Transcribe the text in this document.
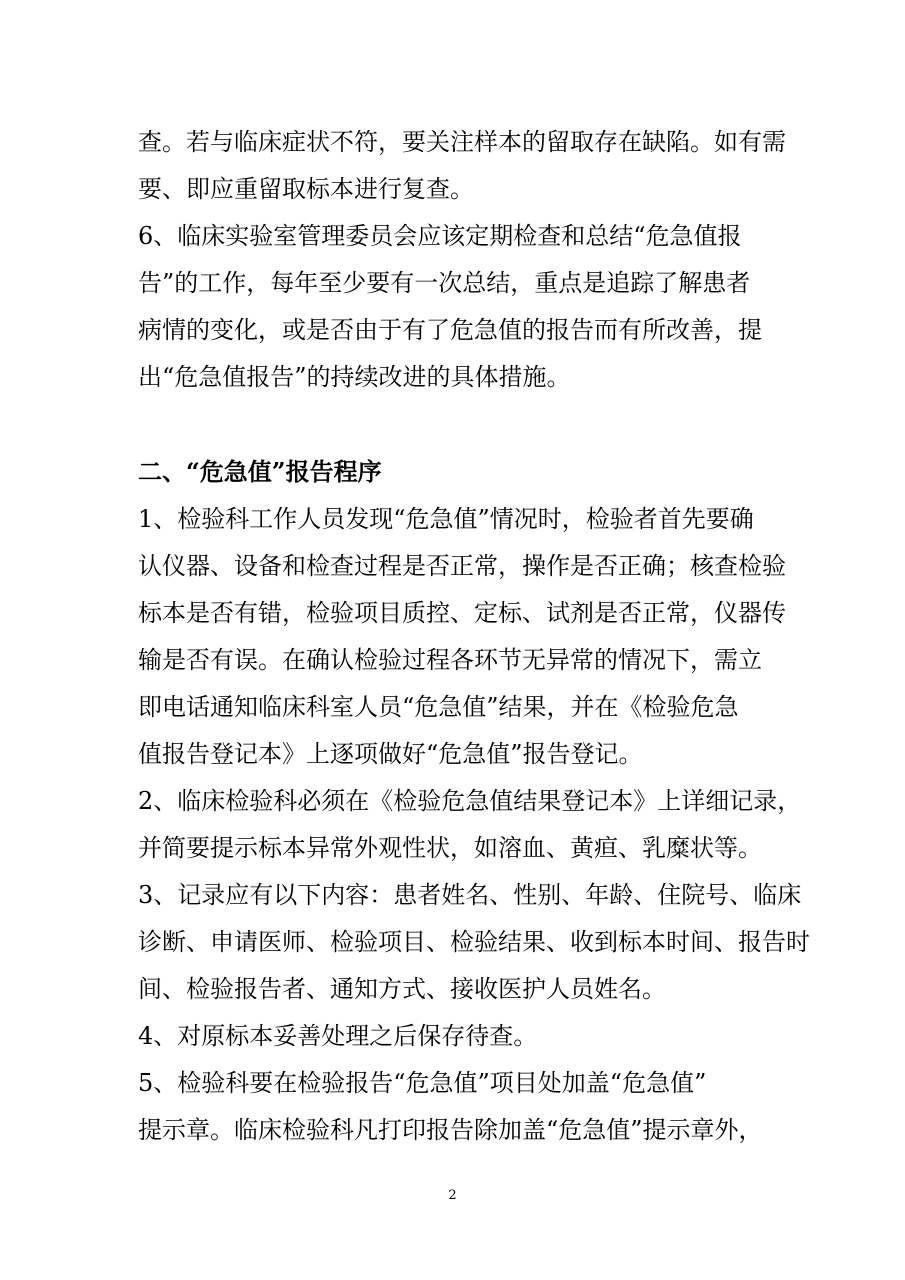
查。若与临床症状不符，要关注样本的留取存在缺陷。如有需
要、即应重留取标本进行复查。
6、临床实验室管理委员会应该定期检查和总结“危急值报
告”的工作，每年至少要有一次总结，重点是追踪了解患者
病情的变化，或是否由于有了危急值的报告而有所改善，提
出“危急值报告”的持续改进的具体措施。
二、“危急值”报告程序
1、检验科工作人员发现“危急值”情况时，检验者首先要确
认仪器、设备和检查过程是否正常，操作是否正确；核查检验
标本是否有错，检验项目质控、定标、试剂是否正常，仪器传
输是否有误。在确认检验过程各环节无异常的情况下，需立
即电话通知临床科室人员“危急值”结果，并在《检验危急
值报告登记本》上逐项做好“危急值”报告登记。
2、临床检验科必须在《检验危急值结果登记本》上详细记录，
并简要提示标本异常外观性状，如溶血、黄疸、乳糜状等。
3、记录应有以下内容：患者姓名、性别、年龄、住院号、临床
诊断、申请医师、检验项目、检验结果、收到标本时间、报告时
间、检验报告者、通知方式、接收医护人员姓名。
4、对原标本妥善处理之后保存待查。
5、检验科要在检验报告“危急值”项目处加盖“危急值”
提示章。临床检验科凡打印报告除加盖“危急值”提示章外，
2
